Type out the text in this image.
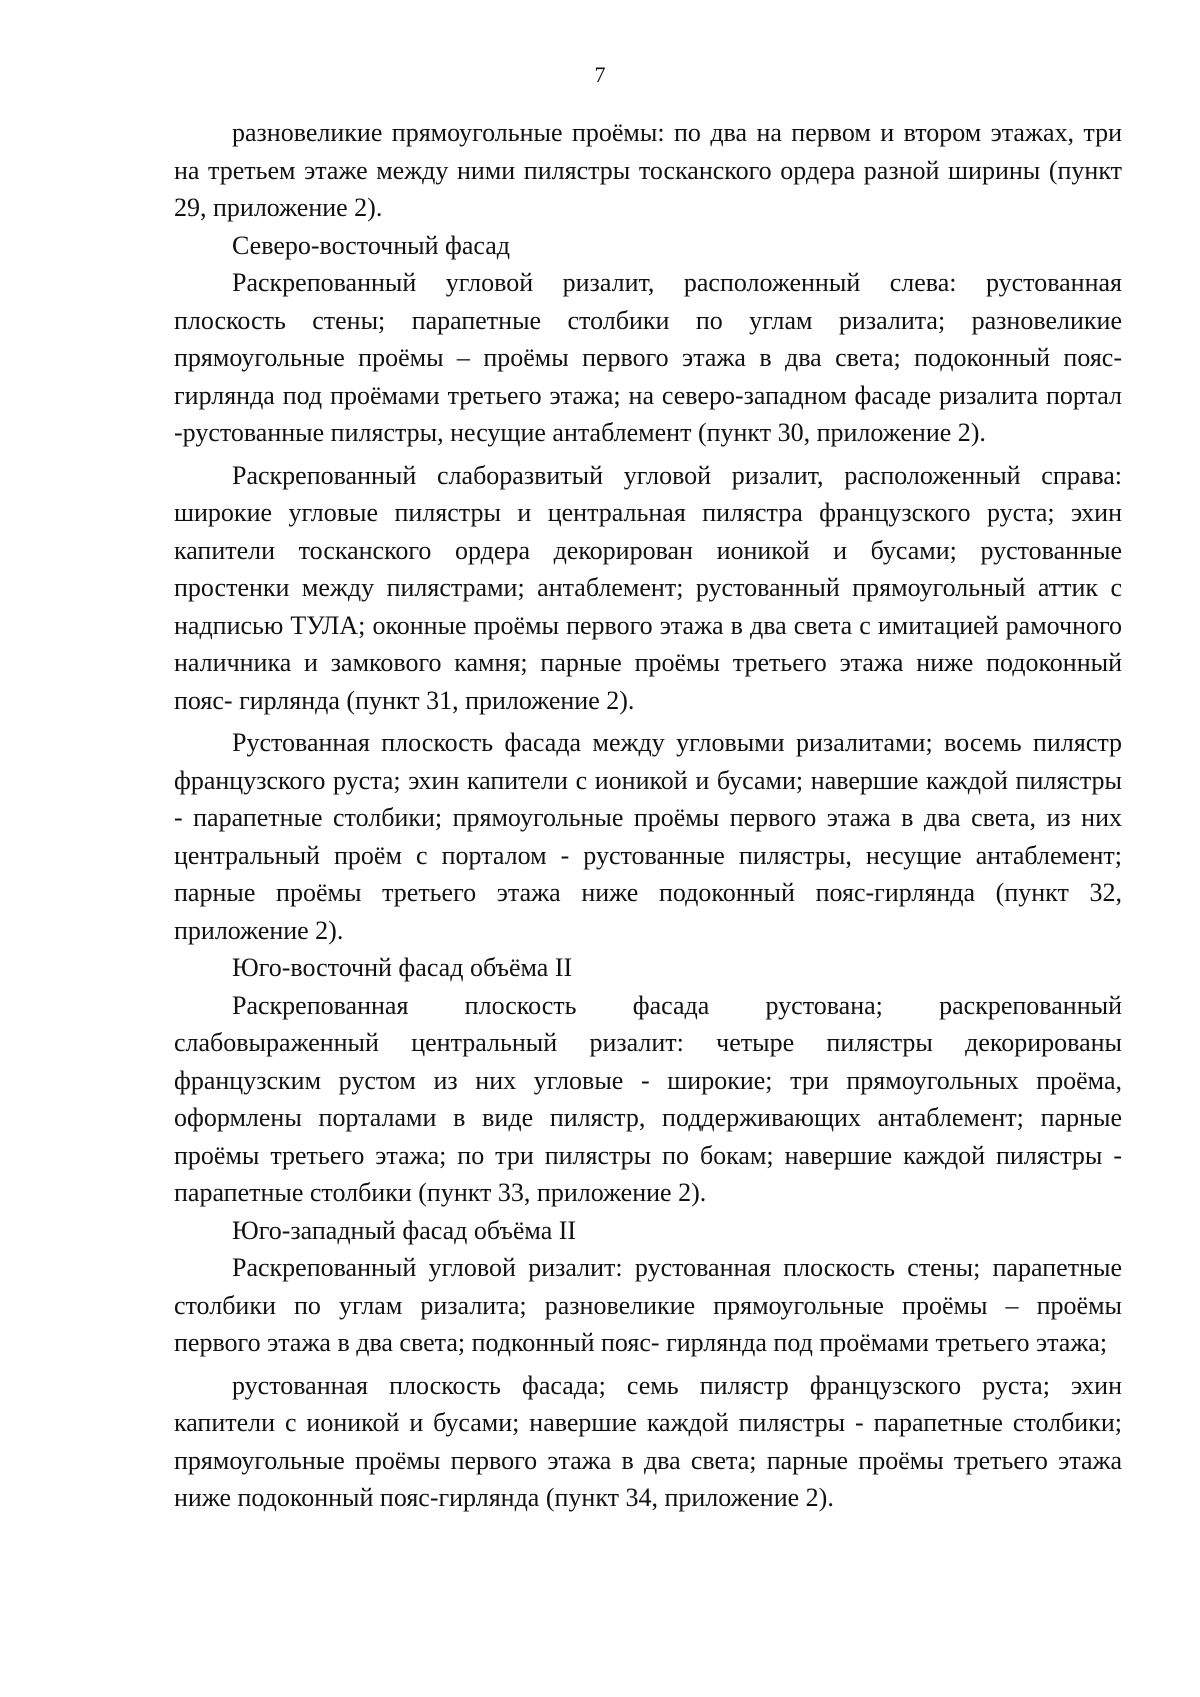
7

разновеликие прямоугольные проёмы: по два на первом и втором этажах, три на третьем этаже между ними пилястры тосканского ордера разной ширины (пункт 29, приложение 2).

Северо-восточный фасад

Раскрепованный угловой ризалит, расположенный слева: рустованная плоскость стены; парапетные столбики по углам ризалита; разновеликие прямоугольные проёмы – проёмы первого этажа в два света; подоконный пояс-гирлянда под проёмами третьего этажа; на северо-западном фасаде ризалита портал -рустованные пилястры, несущие антаблемент (пункт 30, приложение 2).

Раскрепованный слаборазвитый угловой ризалит, расположенный справа: широкие угловые пилястры и центральная пилястра французского руста; эхин капители тосканского ордера декорирован ионикой и бусами; рустованные простенки между пилястрами; антаблемент; рустованный прямоугольный аттик с надписью ТУЛА; оконные проёмы первого этажа в два света с имитацией рамочного наличника и замкового камня; парные проёмы третьего этажа ниже подоконный пояс- гирлянда (пункт 31, приложение 2).

Рустованная плоскость фасада между угловыми ризалитами; восемь пилястр французского руста; эхин капители с ионикой и бусами; навершие каждой пилястры - парапетные столбики; прямоугольные проёмы первого этажа в два света, из них центральный проём с порталом - рустованные пилястры, несущие антаблемент; парные проёмы третьего этажа ниже подоконный пояс-гирлянда (пункт 32, приложение 2).

Юго-восточнй фасад объёма II

Раскрепованная плоскость фасада рустована; раскрепованный слабовыраженный центральный ризалит: четыре пилястры декорированы французским рустом из них угловые - широкие; три прямоугольных проёма, оформлены порталами в виде пилястр, поддерживающих антаблемент; парные проёмы третьего этажа; по три пилястры по бокам; навершие каждой пилястры - парапетные столбики (пункт 33, приложение 2).

Юго-западный фасад объёма II

Раскрепованный угловой ризалит: рустованная плоскость стены; парапетные столбики по углам ризалита; разновеликие прямоугольные проёмы – проёмы первого этажа в два света; подконный пояс- гирлянда под проёмами третьего этажа;

рустованная плоскость фасада; семь пилястр французского руста; эхин капители с ионикой и бусами; навершие каждой пилястры - парапетные столбики; прямоугольные проёмы первого этажа в два света; парные проёмы третьего этажа ниже подоконный пояс-гирлянда (пункт 34, приложение 2).
